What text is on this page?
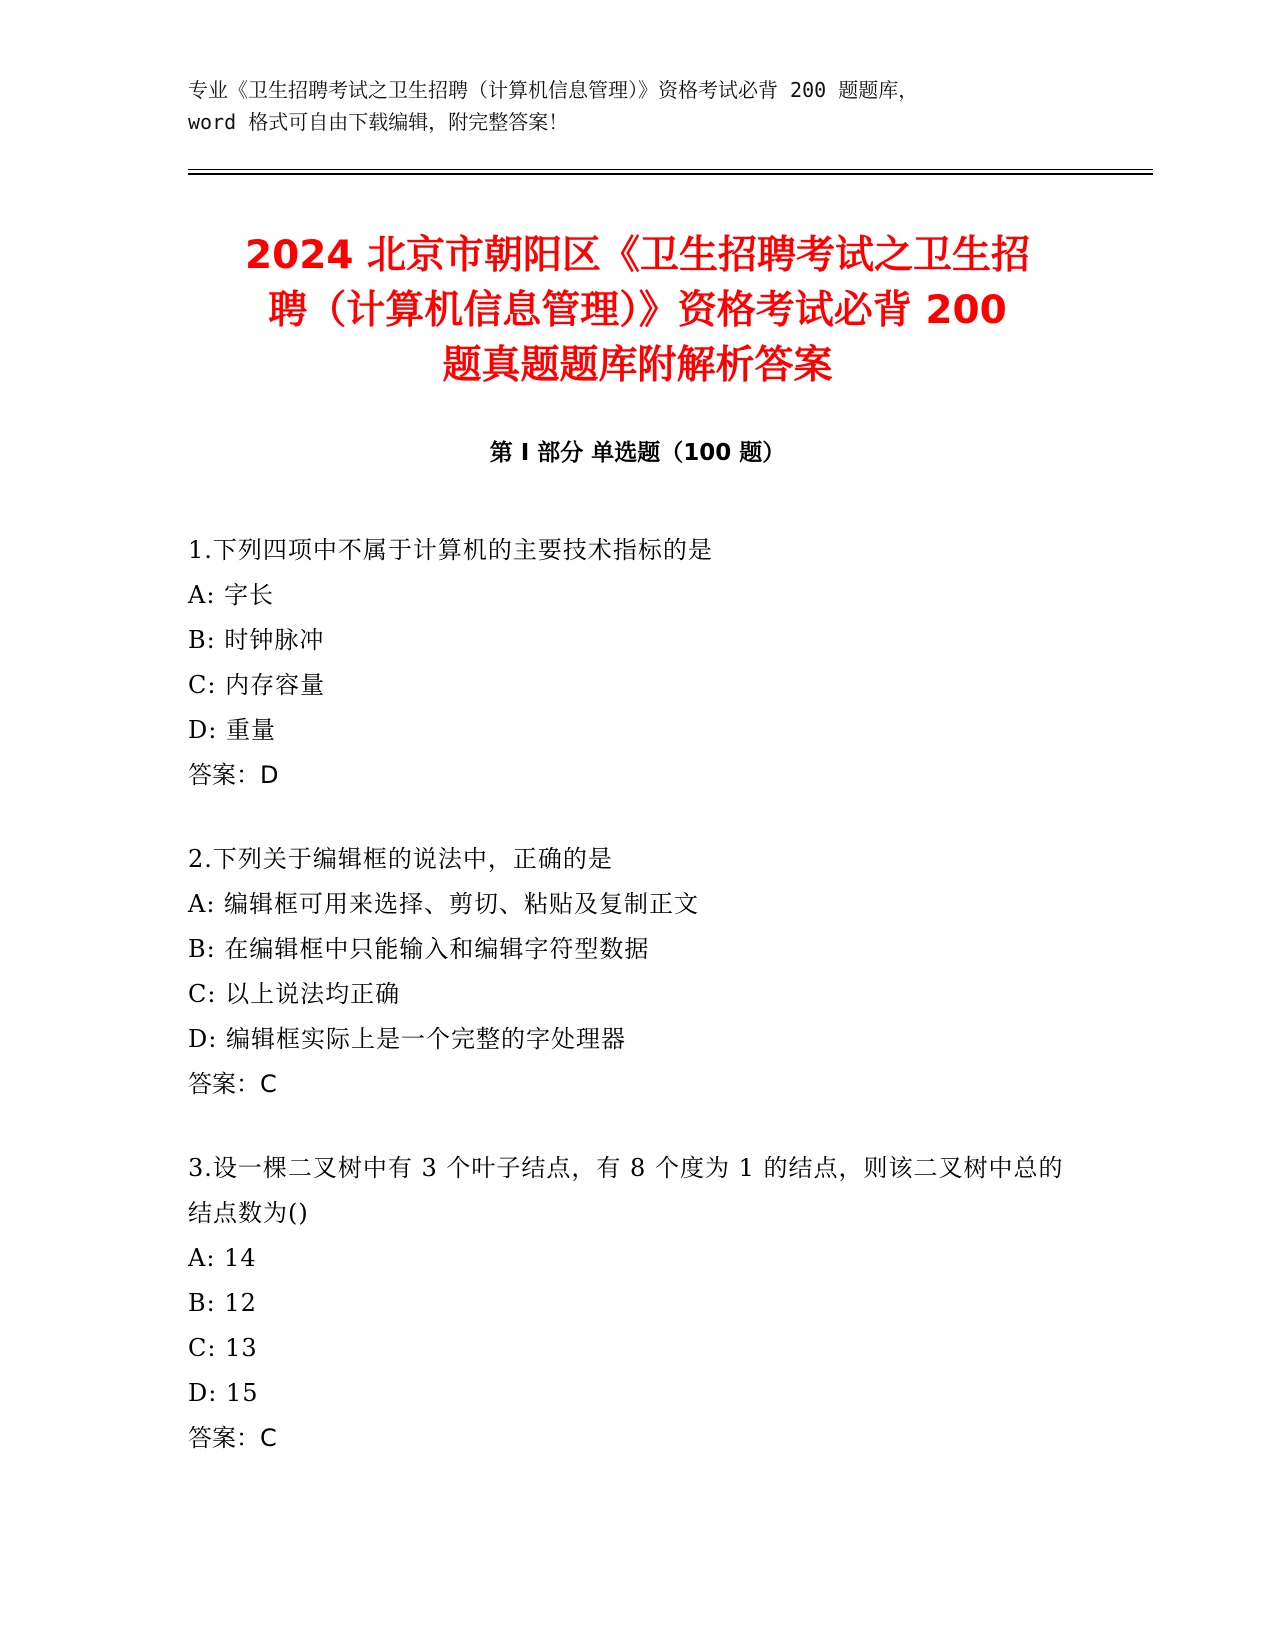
专业《卫生招聘考试之卫生招聘（计算机信息管理）》资格考试必背 200 题题库，
word 格式可自由下载编辑，附完整答案！
2024 北京市朝阳区《卫生招聘考试之卫生招
聘（计算机信息管理）》资格考试必背 200
题真题题库附解析答案
第 I 部分 单选题（100 题）
1.下列四项中不属于计算机的主要技术指标的是
A: 字长
B: 时钟脉冲
C: 内存容量
D: 重量
答案：D
2.下列关于编辑框的说法中，正确的是
A: 编辑框可用来选择、剪切、粘贴及复制正文
B: 在编辑框中只能输入和编辑字符型数据
C: 以上说法均正确
D: 编辑框实际上是一个完整的字处理器
答案：C
3.设一棵二叉树中有 3 个叶子结点，有 8 个度为 1 的结点，则该二叉树中总的结点数为()
A: 14
B: 12
C: 13
D: 15
答案：C
